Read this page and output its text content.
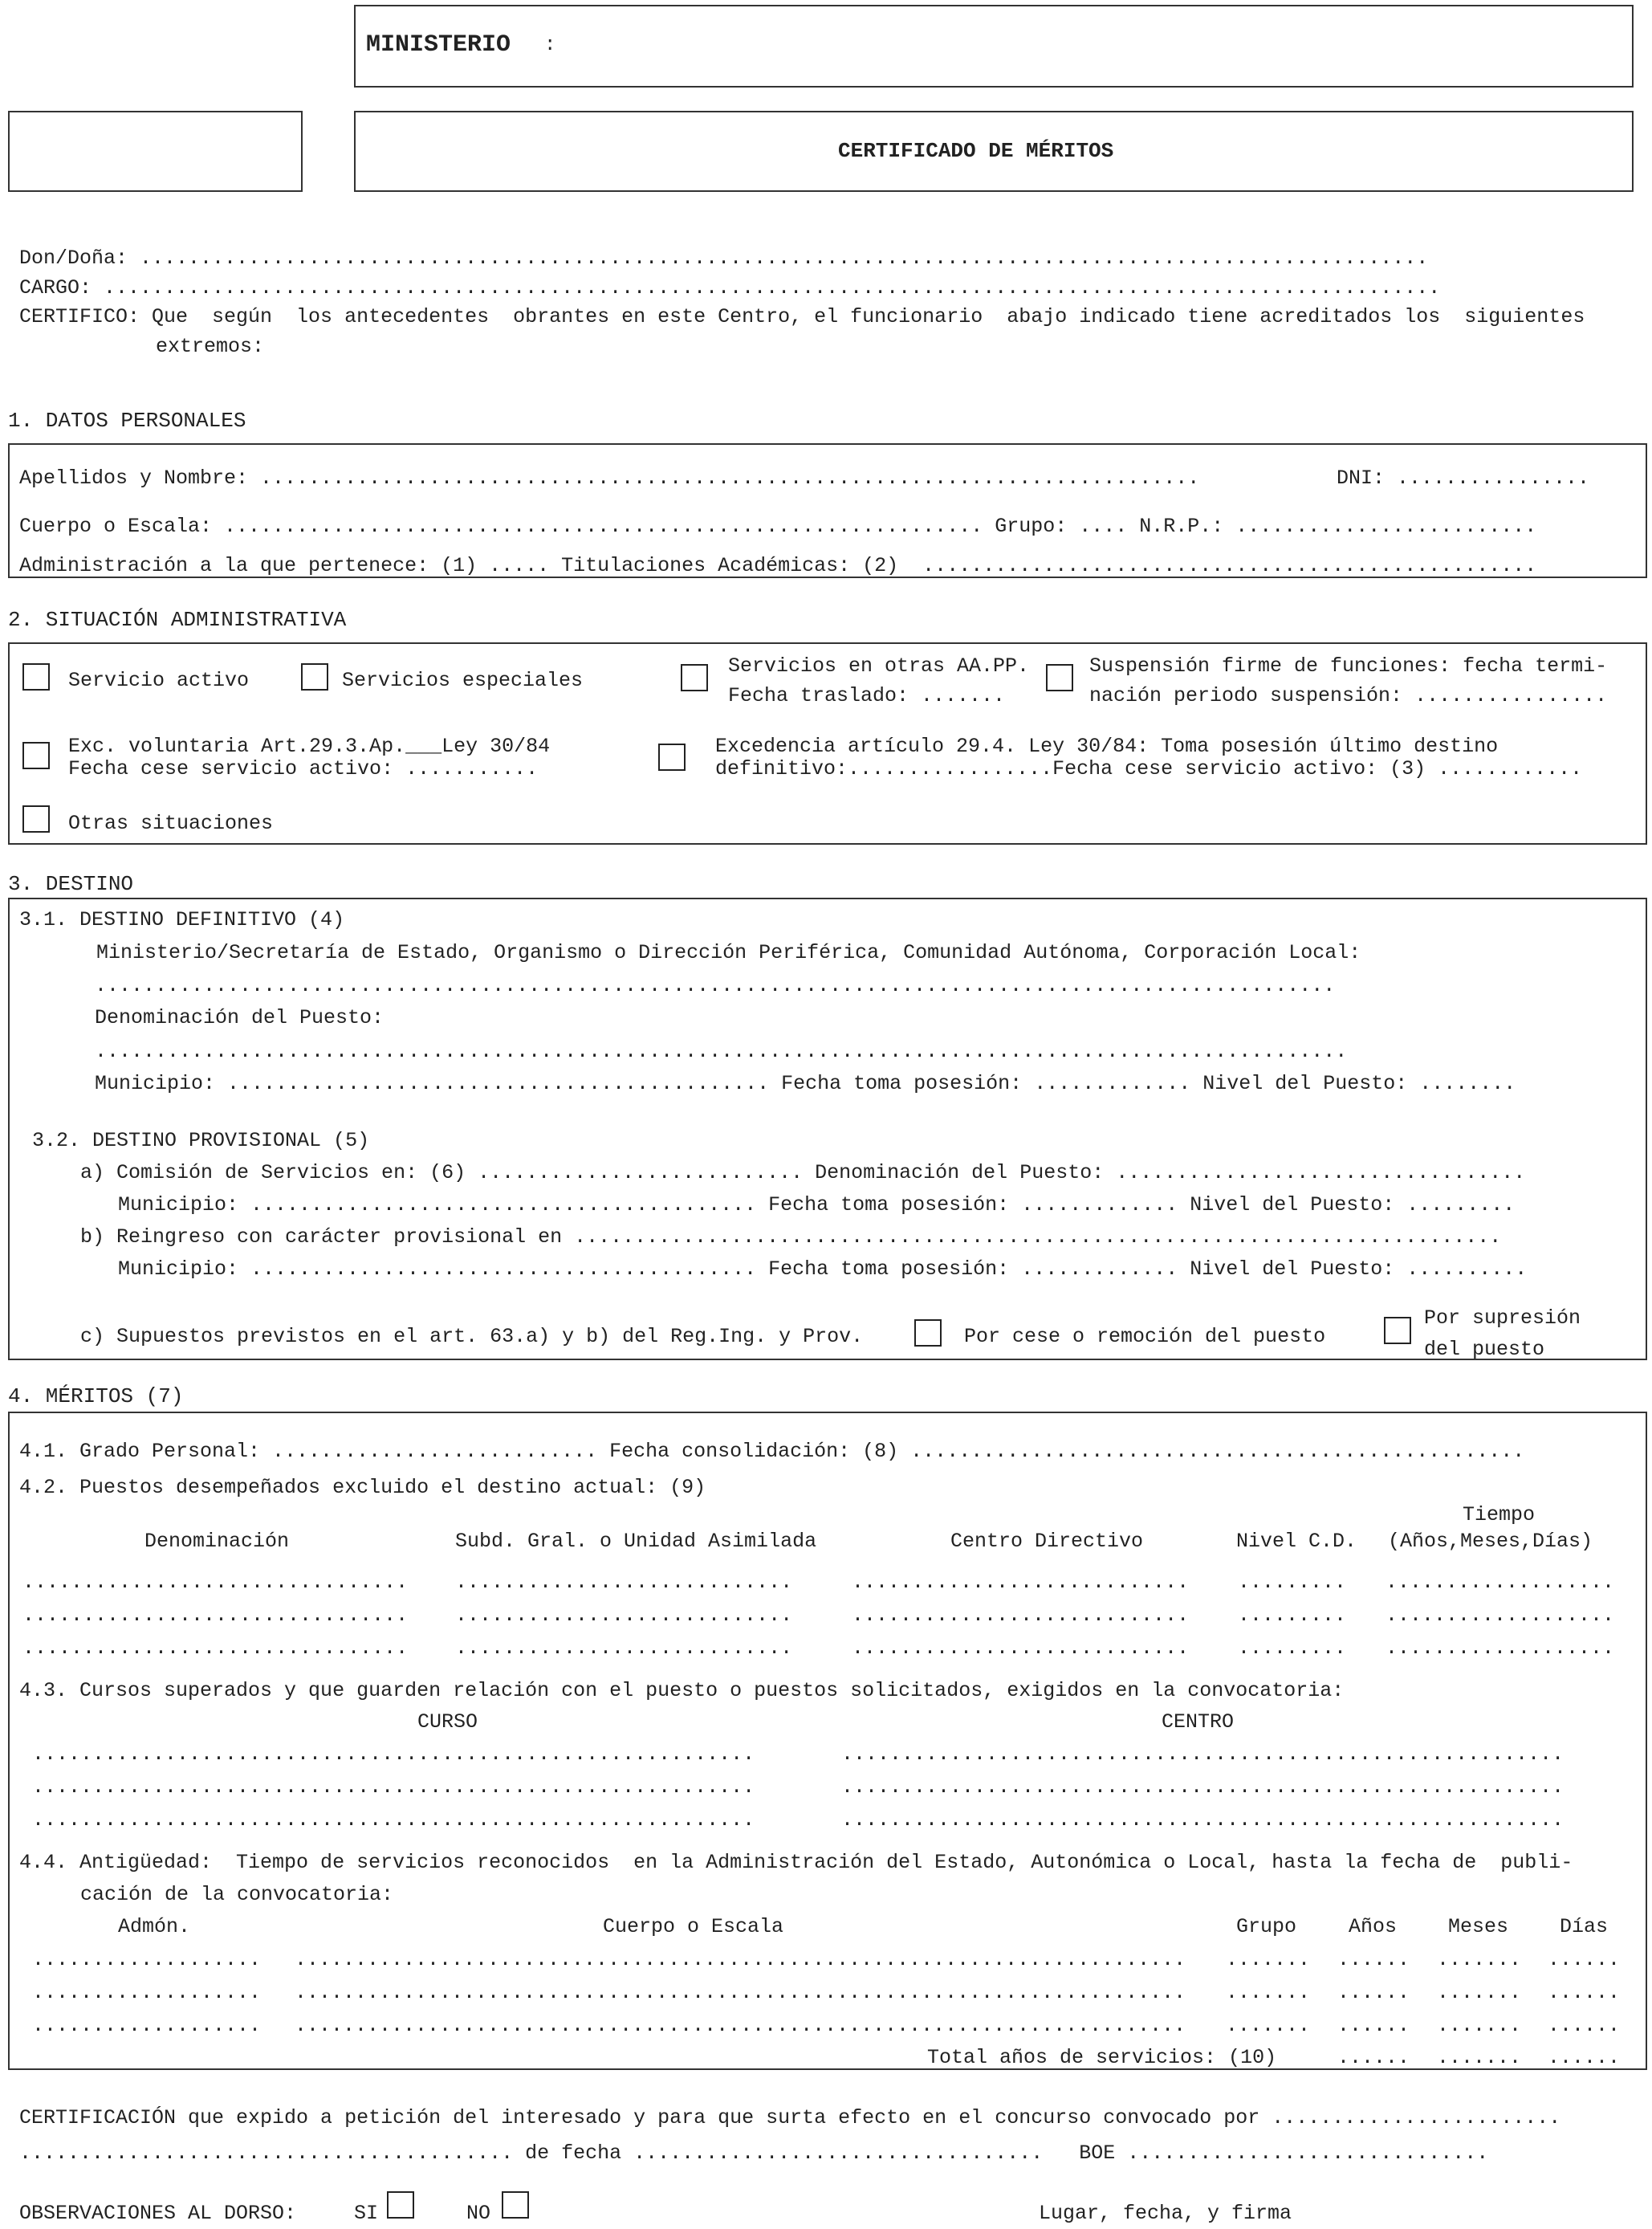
MINISTERIO :
CERTIFICADO DE MÉRITOS
Don/Doña: ...........................................................................................................
CARGO: ...............................................................................................................
CERTIFICO: Que  según  los antecedentes  obrantes en este Centro, el funcionario  abajo indicado tiene acreditados los  siguientes
extremos:
1. DATOS PERSONALES
Apellidos y Nombre: ..............................................................................	DNI: ................
Cuerpo o Escala: ............................................................... Grupo: .... N.R.P.: .........................
Administración a la que pertenece: (1) ..... Titulaciones Académicas: (2)  ...................................................
2. SITUACIÓN ADMINISTRATIVA
Servicio activo	Servicios especiales
Servicios en otras AA.PP.
Fecha traslado: .......
Suspensión firme de funciones: fecha termi-
nación periodo suspensión: ................
Exc. voluntaria Art.29.3.Ap.___Ley 30/84
Fecha cese servicio activo: ...........
Excedencia artículo 29.4. Ley 30/84: Toma posesión último destino
definitivo:.................Fecha cese servicio activo: (3) ............
Otras situaciones
3. DESTINO
3.1. DESTINO DEFINITIVO (4)
Ministerio/Secretaría de Estado, Organismo o Dirección Periférica, Comunidad Autónoma, Corporación Local:
.......................................................................................................
Denominación del Puesto:
........................................................................................................
Municipio: ............................................. Fecha toma posesión: ............. Nivel del Puesto: ........
3.2. DESTINO PROVISIONAL (5)
a) Comisión de Servicios en: (6) ........................... Denominación del Puesto: ..................................
Municipio: .......................................... Fecha toma posesión: ............. Nivel del Puesto: .........
b) Reingreso con carácter provisional en .............................................................................
Municipio: .......................................... Fecha toma posesión: ............. Nivel del Puesto: ..........
c) Supuestos previstos en el art. 63.a) y b) del Reg.Ing. y Prov.	Por cese o remoción del puesto
Por supresión
del puesto
4. MÉRITOS (7)
4.1. Grado Personal: ........................... Fecha consolidación: (8) ...................................................
4.2. Puestos desempeñados excluido el destino actual: (9)
Tiempo
Denominación	Subd. Gral. o Unidad Asimilada	Centro Directivo	Nivel C.D. (Años,Meses,Días)
................................ ............................	............................ ......... ...................
................................ ............................	............................ ......... ...................
................................ ............................	............................ ......... ...................
4.3. Cursos superados y que guarden relación con el puesto o puestos solicitados, exigidos en la convocatoria:
CURSO	CENTRO
............................................................	............................................................
............................................................	............................................................
............................................................	............................................................
4.4. Antigüedad:  Tiempo de servicios reconocidos  en la Administración del Estado, Autonómica o Local, hasta la fecha de  publi-
cación de la convocatoria:
Admón.	Cuerpo o Escala	Grupo	Años	Meses	Días
................... .......................................................................... ....... ...... ....... ......
................... .......................................................................... ....... ...... ....... ......
................... .......................................................................... ....... ...... ....... ......
Total años de servicios: (10)	...... ....... ......
CERTIFICACIÓN que expido a petición del interesado y para que surta efecto en el concurso convocado por ........................
......................................... de fecha ..................................   BOE ..............................
OBSERVACIONES AL DORSO:	SI	NO	Lugar, fecha, y firma
